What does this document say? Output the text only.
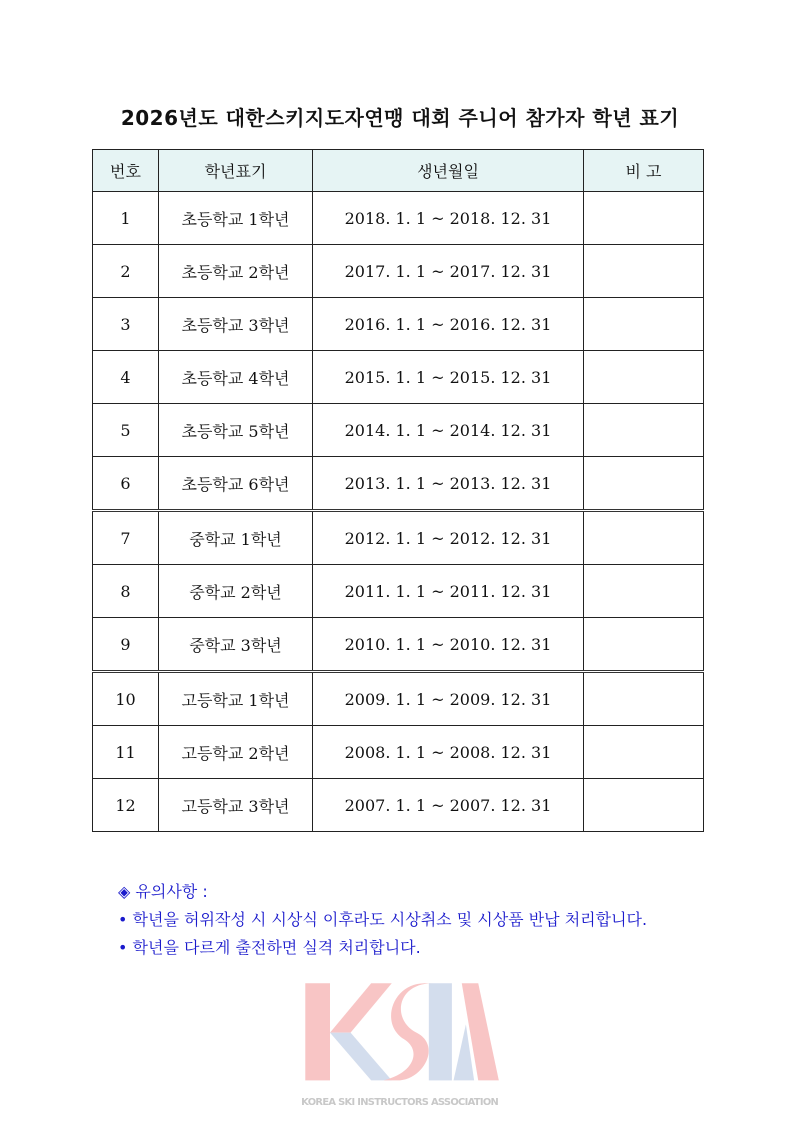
2026년도 대한스키지도자연맹 대회 주니어 참가자 학년 표기
번호	학년표기	생년월일	비 고
1	초등학교 1학년	2018. 1. 1 ~ 2018. 12. 31	
2	초등학교 2학년	2017. 1. 1 ~ 2017. 12. 31	
3	초등학교 3학년	2016. 1. 1 ~ 2016. 12. 31	
4	초등학교 4학년	2015. 1. 1 ~ 2015. 12. 31	
5	초등학교 5학년	2014. 1. 1 ~ 2014. 12. 31	
6	초등학교 6학년	2013. 1. 1 ~ 2013. 12. 31	
7	중학교 1학년	2012. 1. 1 ~ 2012. 12. 31	
8	중학교 2학년	2011. 1. 1 ~ 2011. 12. 31	
9	중학교 3학년	2010. 1. 1 ~ 2010. 12. 31	
10	고등학교 1학년	2009. 1. 1 ~ 2009. 12. 31	
11	고등학교 2학년	2008. 1. 1 ~ 2008. 12. 31	
12	고등학교 3학년	2007. 1. 1 ~ 2007. 12. 31	
◈ 유의사항 :
• 학년을 허위작성 시 시상식 이후라도 시상취소 및 시상품 반납 처리합니다.
• 학년을 다르게 출전하면 실격 처리합니다.
KOREA SKI INSTRUCTORS ASSOCIATION
